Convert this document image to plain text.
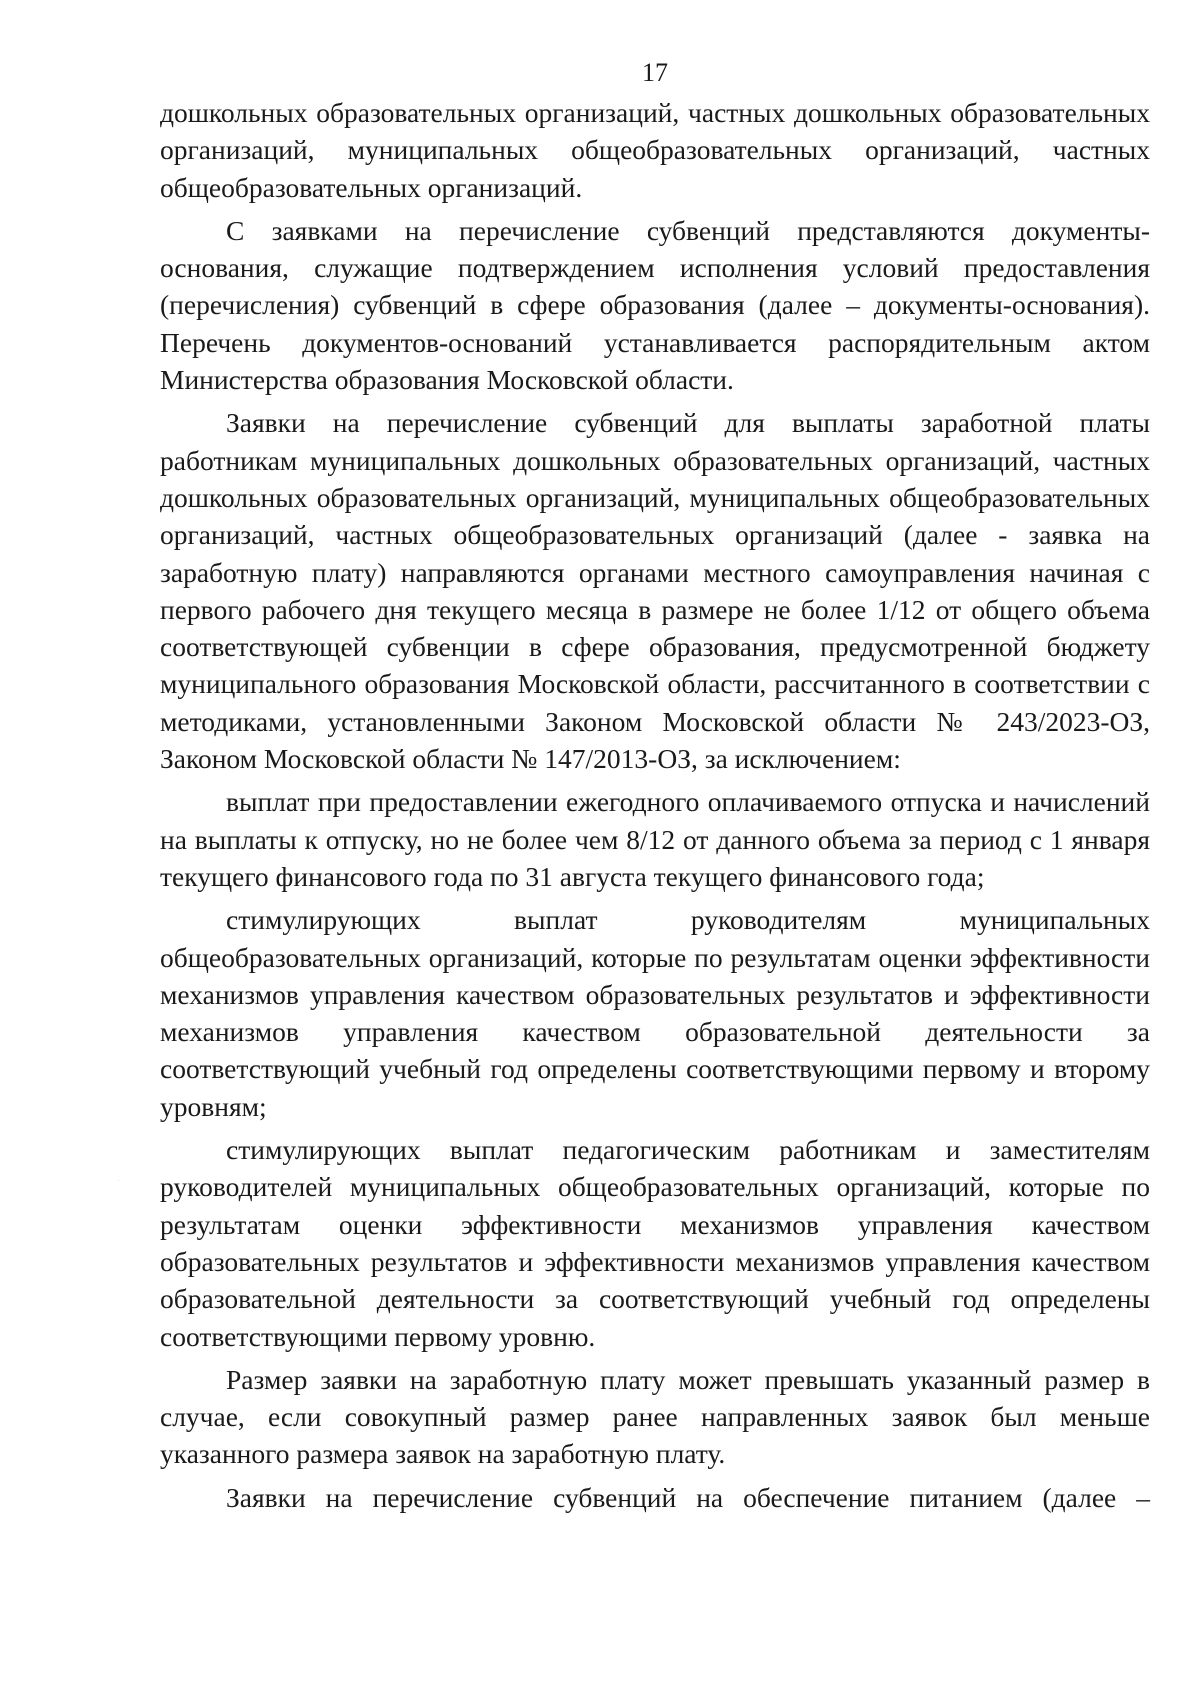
17

дошкольных образовательных организаций, частных дошкольных образовательных организаций, муниципальных общеобразовательных организаций, частных общеобразовательных организаций.

С заявками на перечисление субвенций представляются документы-основания, служащие подтверждением исполнения условий предоставления (перечисления) субвенций в сфере образования (далее – документы-основания). Перечень документов-оснований устанавливается распорядительным актом Министерства образования Московской области.

Заявки на перечисление субвенций для выплаты заработной платы работникам муниципальных дошкольных образовательных организаций, частных дошкольных образовательных организаций, муниципальных общеобразовательных организаций, частных общеобразовательных организаций (далее - заявка на заработную плату) направляются органами местного самоуправления начиная с первого рабочего дня текущего месяца в размере не более 1/12 от общего объема соответствующей субвенции в сфере образования, предусмотренной бюджету муниципального образования Московской области, рассчитанного в соответствии с методиками, установленными Законом Московской области № 243/2023-ОЗ, Законом Московской области № 147/2013-ОЗ, за исключением:

выплат при предоставлении ежегодного оплачиваемого отпуска и начислений на выплаты к отпуску, но не более чем 8/12 от данного объема за период с 1 января текущего финансового года по 31 августа текущего финансового года;

стимулирующих выплат руководителям муниципальных общеобразовательных организаций, которые по результатам оценки эффективности механизмов управления качеством образовательных результатов и эффективности механизмов управления качеством образовательной деятельности за соответствующий учебный год определены соответствующими первому и второму уровням;

стимулирующих выплат педагогическим работникам и заместителям руководителей муниципальных общеобразовательных организаций, которые по результатам оценки эффективности механизмов управления качеством образовательных результатов и эффективности механизмов управления качеством образовательной деятельности за соответствующий учебный год определены соответствующими первому уровню.

Размер заявки на заработную плату может превышать указанный размер в случае, если совокупный размер ранее направленных заявок был меньше указанного размера заявок на заработную плату.

Заявки на перечисление субвенций на обеспечение питанием (далее –
